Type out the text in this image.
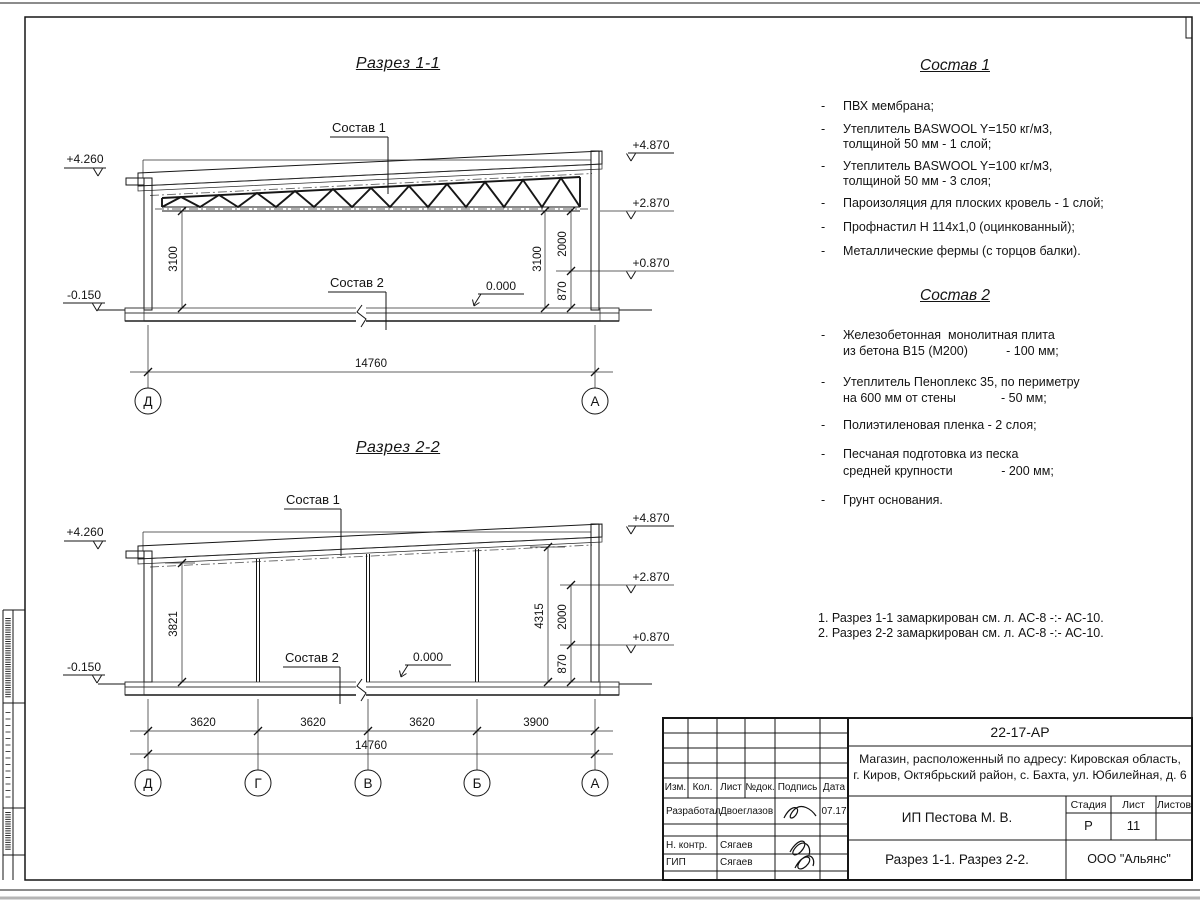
Состав 1
Состав 2
+4.260
-0.150
+4.870
+2.870
+0.870
0.000
3100	3100
2000
870
14760
Д	А
Состав 1
Состав 2
+4.260
-0.150
+4.870
+2.870
+0.870
0.000
3821	4315 2000
870
3620	3620	3620	3900
14760
Д	Г	В	Б	А
Разрез 1-1
Разрез 2-2
Состав 1
- ПВХ мембрана;
- Утеплитель BASWOOL Y=150 кг/м3,
толщиной 50 мм - 1 слой;
- Утеплитель BASWOOL Y=100 кг/м3,
толщиной 50 мм - 3 слоя;
- Пароизоляция для плоских кровель - 1 слой;
- Профнастил Н 114х1,0 (оцинкованный);
- Металлические фермы (с торцов балки).
Состав 2
- Железобетонная  монолитная плита
из бетона В15 (М200)           - 100 мм;
- Утеплитель Пеноплекс 35, по периметру
на 600 мм от стены             - 50 мм;
- Полиэтиленовая пленка - 2 слоя;
- Песчаная подготовка из песка
средней крупности              - 200 мм;
- Грунт основания.
1. Разрез 1-1 замаркирован см. л. АС-8 -:- АС-10.
2. Разрез 2-2 замаркирован см. л. АС-8 -:- АС-10.
22-17-АР
Магазин, расположенный по адресу: Кировская область,
г. Киров, Октябрьский район, с. Бахта, ул. Юбилейная, д. 6
ИП Пестова М. В.
Стадия	Лист	Листов
Р	11
Разрез 1-1. Разрез 2-2.	ООО "Альянс"
Изм. Кол. Лист №док. Подпись Дата
Разработал Двоеглазов	07.17
Н. контр. Сягаев
ГИП	Сягаев
